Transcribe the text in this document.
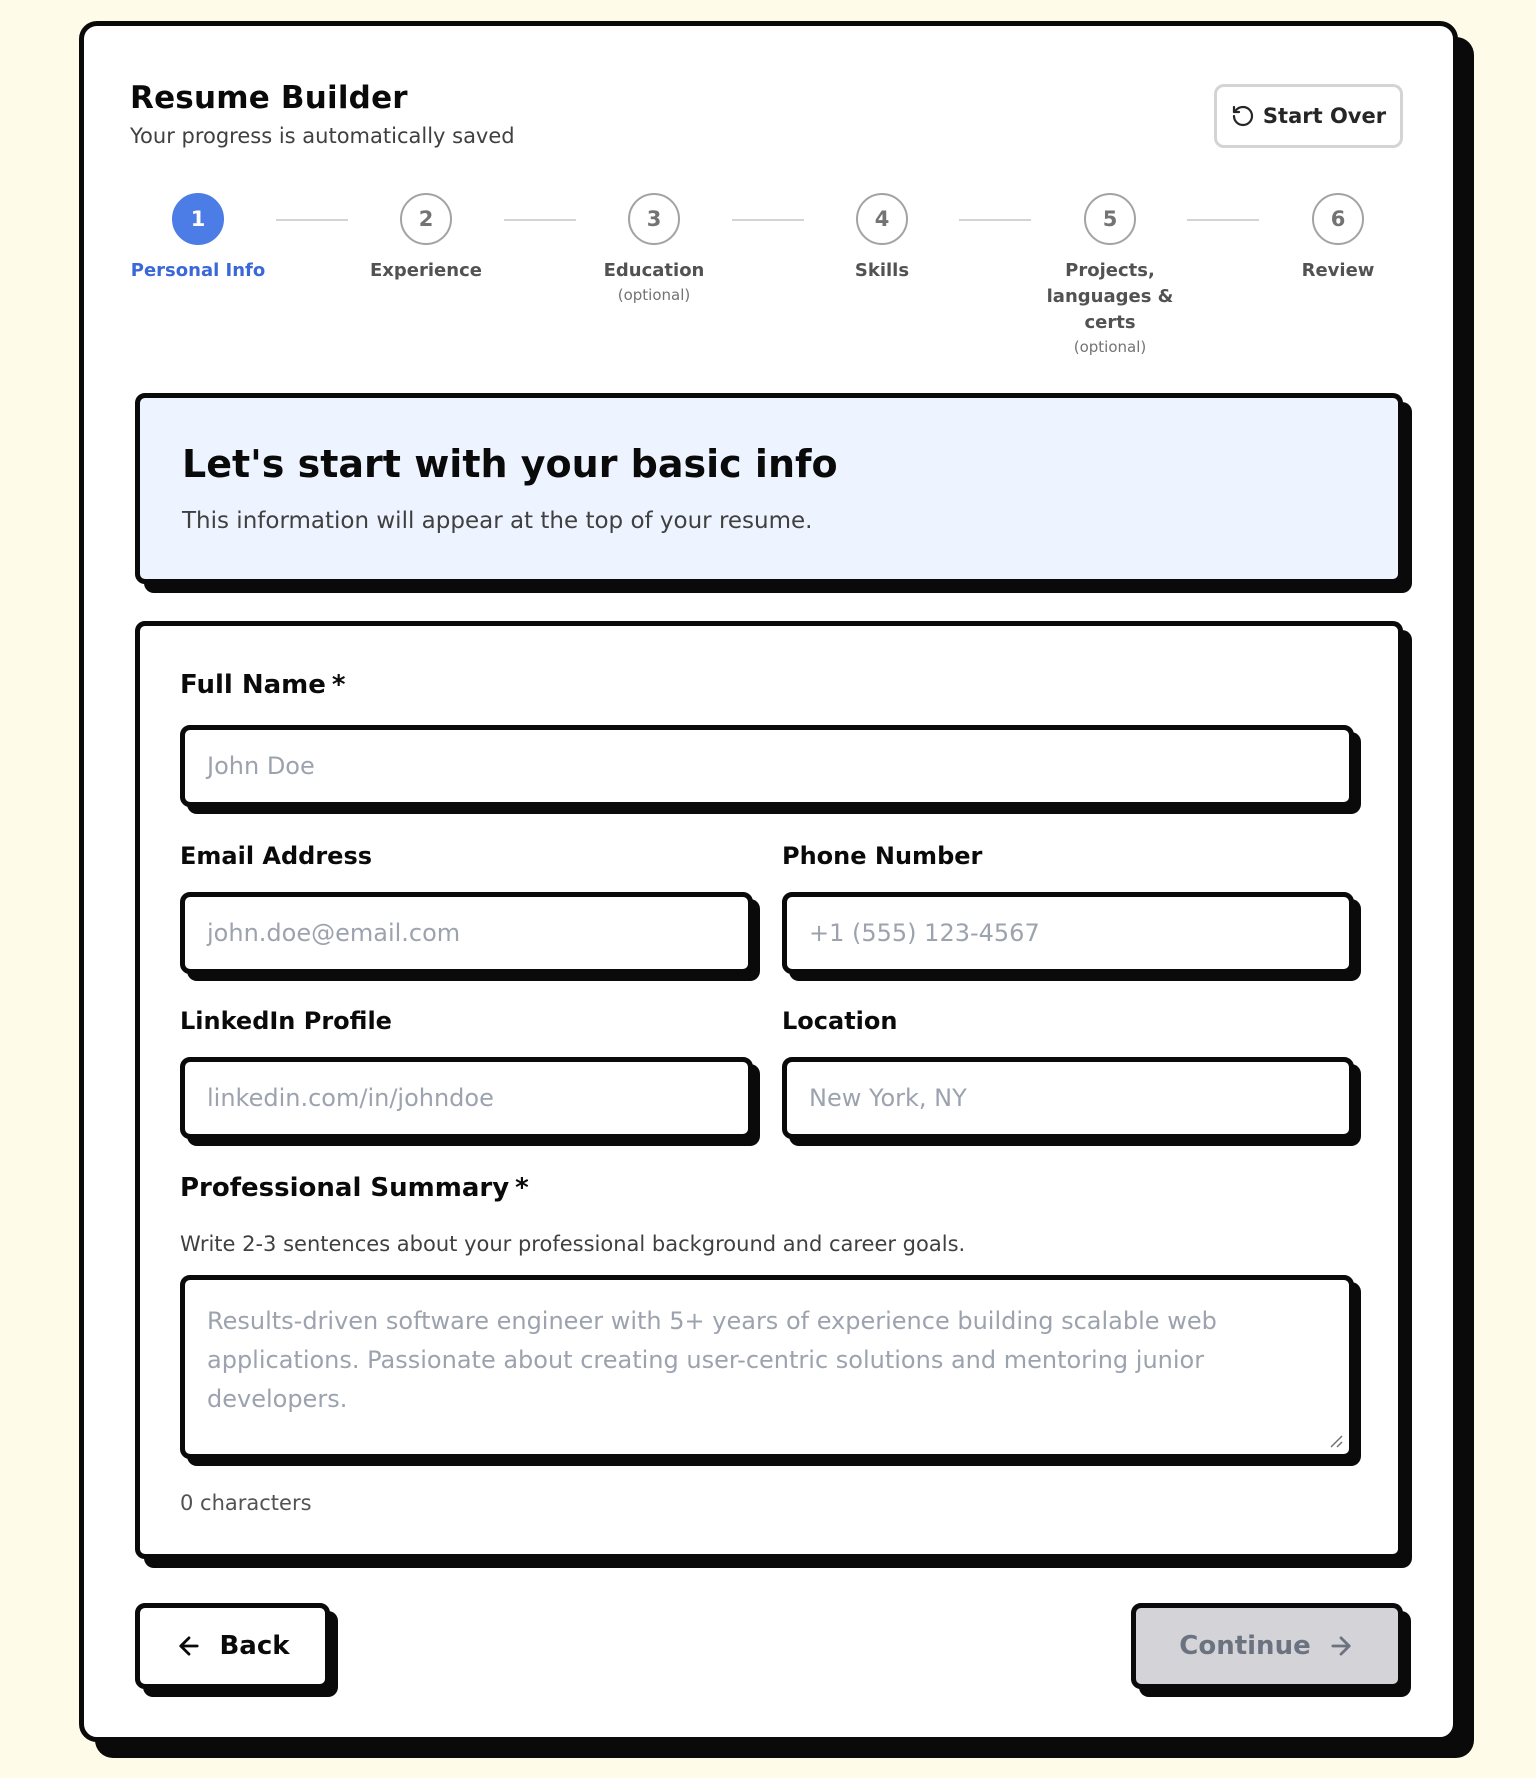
Resume Builder
Your progress is automatically saved
Start Over
1
Personal Info
2
Experience
3
Education
(optional)
4
Skills
5
Projects, languages & certs
(optional)
6
Review
Let's start with your basic info
This information will appear at the top of your resume.
Full Name *
John Doe
Email Address
john.doe@email.com
Phone Number
+1 (555) 123-4567
LinkedIn Profile
linkedin.com/in/johndoe
Location
New York, NY
Professional Summary *
Write 2-3 sentences about your professional background and career goals.
Results-driven software engineer with 5+ years of experience building scalable web applications. Passionate about creating user-centric solutions and mentoring junior developers.
0 characters
Back	Continue
